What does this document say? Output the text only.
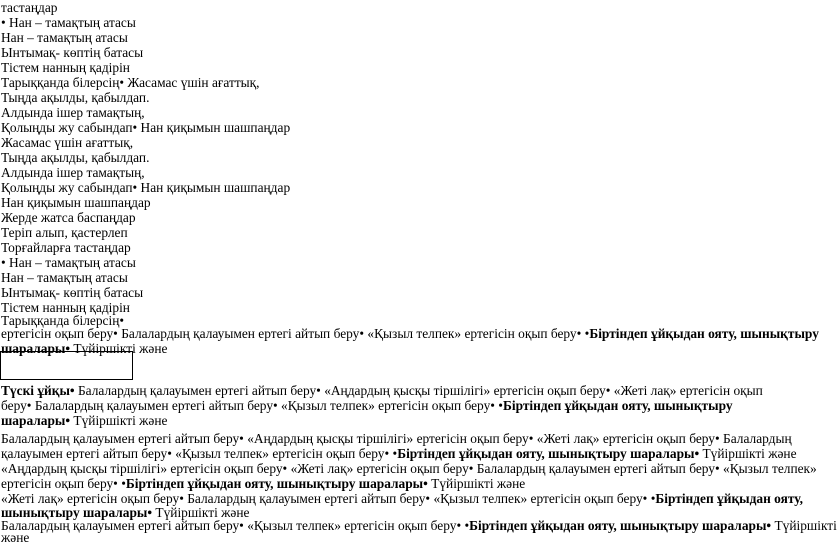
тастаңдар
• Нан – тамақтың атасы
Нан – тамақтың атасы
Ынтымақ- көптің батасы
Тістем нанның қадірін
Тарыққанда білерсің• Жасамас үшін ағаттық,
Тыңда ақылды, қабылдап.
Алдында ішер тамақтың,
Қолыңды жу сабындап• Нан қиқымын шашпаңдар
Жасамас үшін ағаттық,
Тыңда ақылды, қабылдап.
Алдында ішер тамақтың,
Қолыңды жу сабындап• Нан қиқымын шашпаңдар
Нан қиқымын шашпаңдар
Жерде жатса баспаңдар
Теріп алып, қастерлеп
Торғайларға тастаңдар
• Нан – тамақтың атасы
Нан – тамақтың атасы
Ынтымақ- көптің батасы
Тістем нанның қадірін
Тарыққанда білерсің•
ертегісін оқып беру• Балалардың қалауымен ертегі айтып беру• «Қызыл телпек» ертегісін оқып беру• •Біртіндеп ұйқыдан ояту, шынықтыру
шаралары• Түйіршікті және
Түскі ұйқы• Балалардың қалауымен ертегі айтып беру• «Аңдардың қысқы тіршілігі» ертегісін оқып беру• «Жеті лақ» ертегісін оқып
беру• Балалардың қалауымен ертегі айтып беру• «Қызыл телпек» ертегісін оқып беру• •Біртіндеп ұйқыдан ояту, шынықтыру
шаралары• Түйіршікті және
Балалардың қалауымен ертегі айтып беру• «Аңдардың қысқы тіршілігі» ертегісін оқып беру• «Жеті лақ» ертегісін оқып беру• Балалардың
қалауымен ертегі айтып беру• «Қызыл телпек» ертегісін оқып беру• •Біртіндеп ұйқыдан ояту, шынықтыру шаралары• Түйіршікті және
«Аңдардың қысқы тіршілігі» ертегісін оқып беру• «Жеті лақ» ертегісін оқып беру• Балалардың қалауымен ертегі айтып беру• «Қызыл телпек»
ертегісін оқып беру• •Біртіндеп ұйқыдан ояту, шынықтыру шаралары• Түйіршікті және
«Жеті лақ» ертегісін оқып беру• Балалардың қалауымен ертегі айтып беру• «Қызыл телпек» ертегісін оқып беру• •Біртіндеп ұйқыдан ояту,
шынықтыру шаралары• Түйіршікті және
Балалардың қалауымен ертегі айтып беру• «Қызыл телпек» ертегісін оқып беру• •Біртіндеп ұйқыдан ояту, шынықтыру шаралары• Түйіршікті
және
